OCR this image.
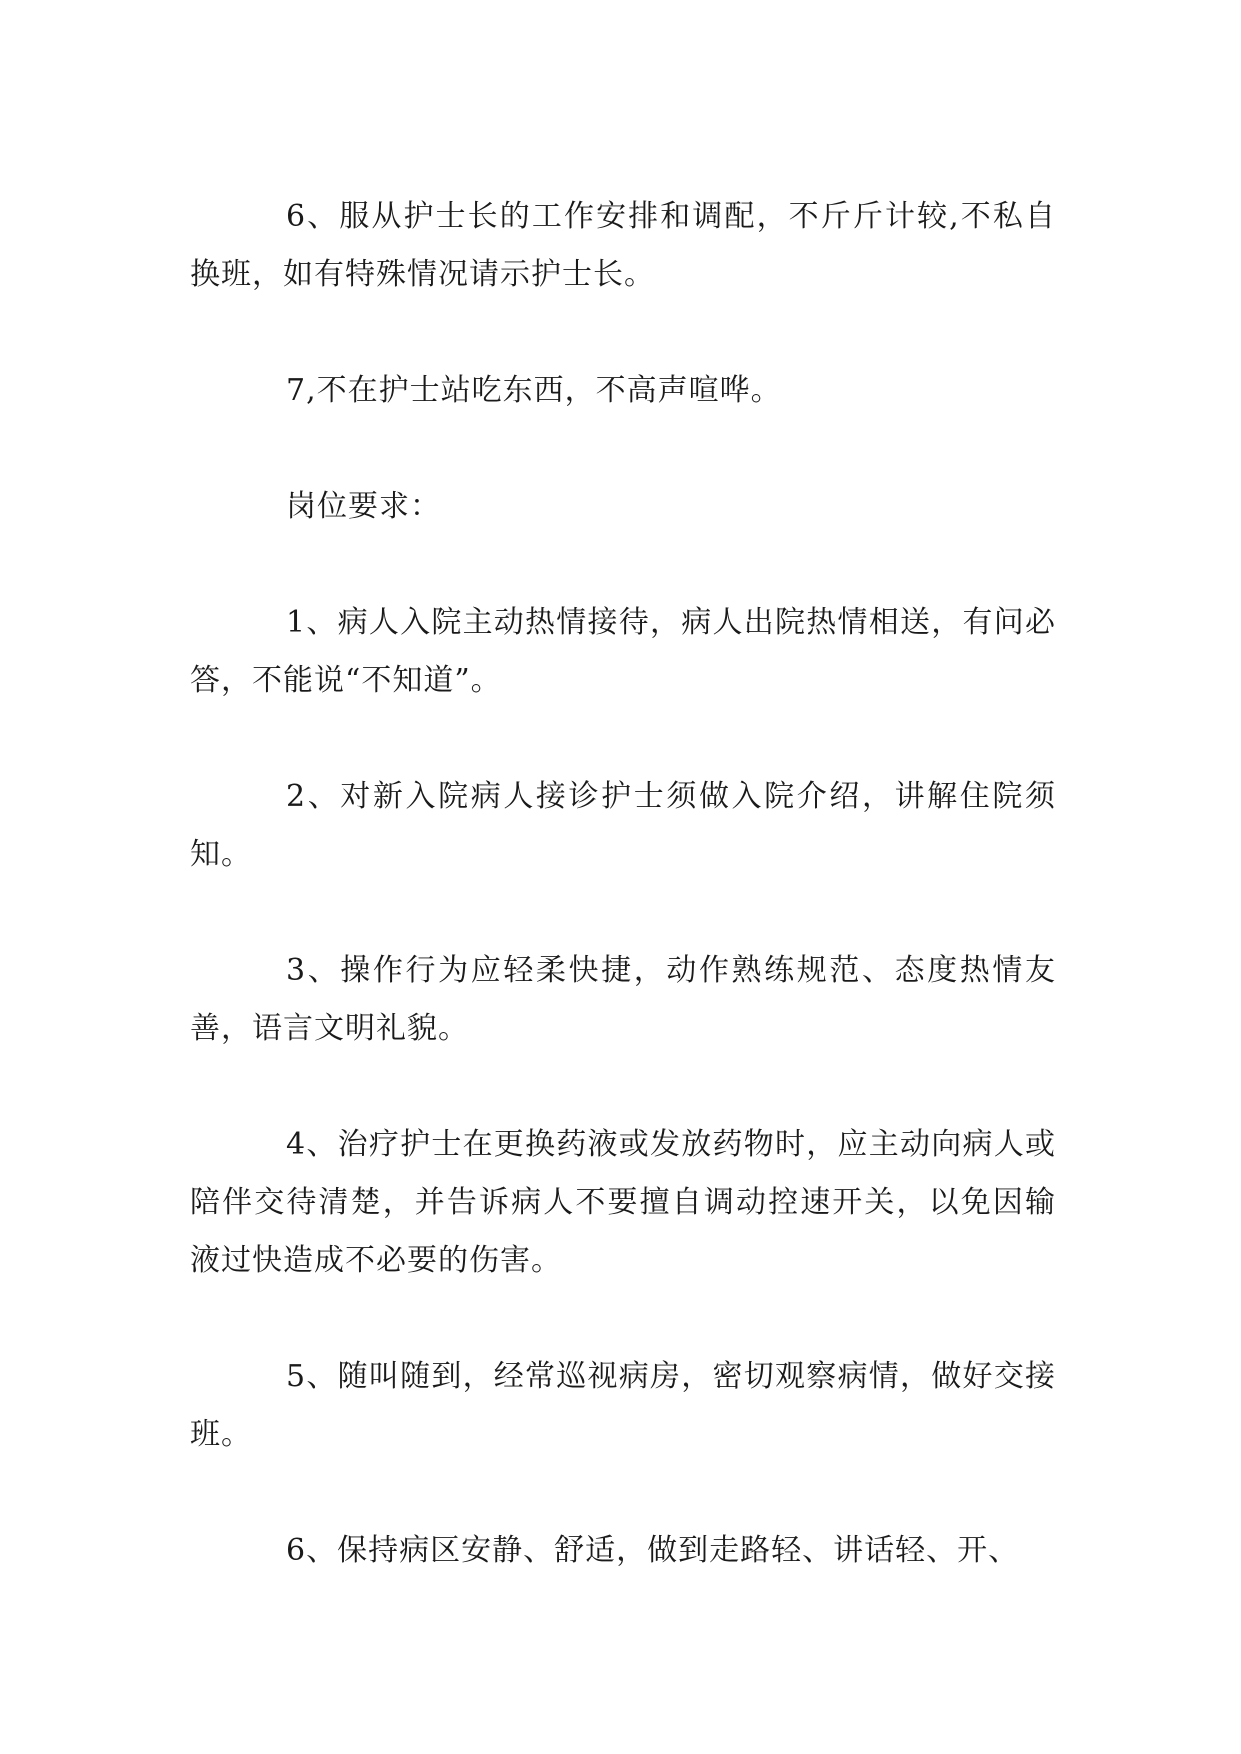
6、服从护士长的工作安排和调配，不斤斤计较,不私自换班，如有特殊情况请示护士长。

7,不在护士站吃东西，不高声喧哗。

岗位要求：

1、病人入院主动热情接待，病人出院热情相送，有问必答，不能说“不知道”。

2、对新入院病人接诊护士须做入院介绍，讲解住院须知。

3、操作行为应轻柔快捷，动作熟练规范、态度热情友善，语言文明礼貌。

4、治疗护士在更换药液或发放药物时，应主动向病人或陪伴交待清楚，并告诉病人不要擅自调动控速开关，以免因输液过快造成不必要的伤害。

5、随叫随到，经常巡视病房，密切观察病情，做好交接班。

6、保持病区安静、舒适，做到走路轻、讲话轻、开、
